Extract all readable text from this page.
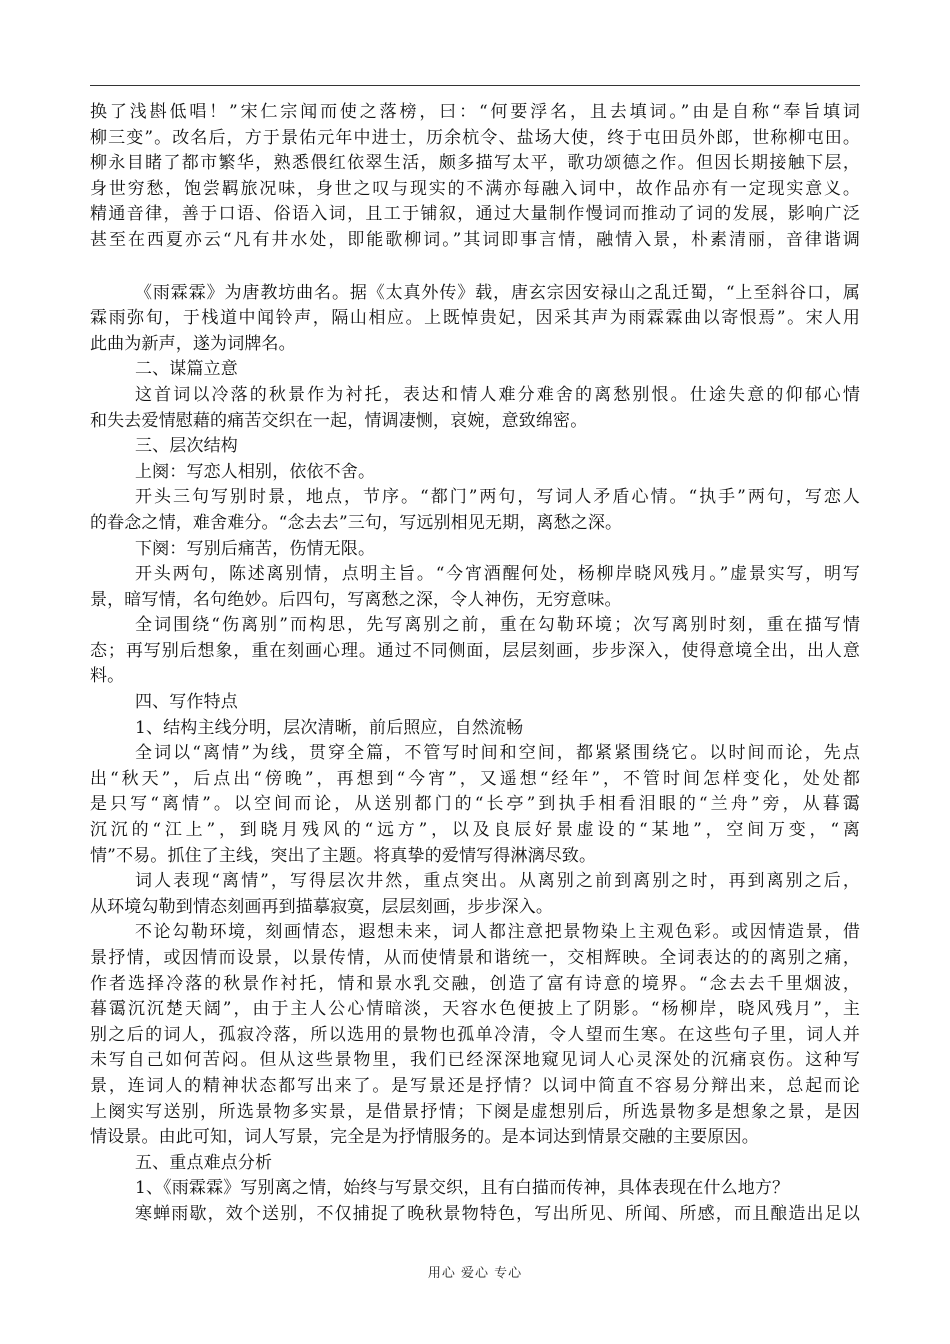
换了浅斟低唱！”宋仁宗闻而使之落榜，曰：“何要浮名，且去填词。”由是自称“奉旨填词
柳三变”。改名后，方于景佑元年中进士，历余杭令、盐场大使，终于屯田员外郎，世称柳屯田。
柳永目睹了都市繁华，熟悉偎红依翠生活，颇多描写太平，歌功颂德之作。但因长期接触下层，
身世穷愁，饱尝羁旅况味，身世之叹与现实的不满亦每融入词中，故作品亦有一定现实意义。
精通音律，善于口语、俗语入词，且工于铺叙，通过大量制作慢词而推动了词的发展，影响广泛
甚至在西夏亦云“凡有井水处，即能歌柳词。”其词即事言情，融情入景，朴素清丽，音律谐调
《雨霖霖》为唐教坊曲名。据《太真外传》载，唐玄宗因安禄山之乱迁蜀，“上至斜谷口，属
霖雨弥旬，于栈道中闻铃声，隔山相应。上既悼贵妃，因采其声为雨霖霖曲以寄恨焉”。宋人用
此曲为新声，遂为词牌名。
二、谋篇立意
这首词以冷落的秋景作为衬托，表达和情人难分难舍的离愁别恨。仕途失意的仰郁心情
和失去爱情慰藉的痛苦交织在一起，情调凄恻，哀婉，意致绵密。
三、层次结构
上阕：写恋人相别，依依不舍。
开头三句写别时景，地点，节序。“都门”两句，写词人矛盾心情。“执手”两句，写恋人
的眷念之情，难舍难分。“念去去”三句，写远别相见无期，离愁之深。
下阕：写别后痛苦，伤情无限。
开头两句，陈述离别情，点明主旨。“今宵酒醒何处，杨柳岸晓风残月。”虚景实写，明写
景，暗写情，名句绝妙。后四句，写离愁之深，令人神伤，无穷意味。
全词围绕“伤离别”而构思，先写离别之前，重在勾勒环境；次写离别时刻，重在描写情
态；再写别后想象，重在刻画心理。通过不同侧面，层层刻画，步步深入，使得意境全出，出人意
料。
四、写作特点
1、结构主线分明，层次清晰，前后照应，自然流畅
全词以“离情”为线，贯穿全篇，不管写时间和空间，都紧紧围绕它。以时间而论，先点
出“秋天”，后点出“傍晚”，再想到“今宵”，又遥想“经年”，不管时间怎样变化，处处都
是只写“离情”。以空间而论，从送别都门的“长亭”到执手相看泪眼的“兰舟”旁，从暮霭
沉沉的“江上”，到晓月残风的“远方”，以及良辰好景虚设的“某地”，空间万变，“离
情”不易。抓住了主线，突出了主题。将真挚的爱情写得淋漓尽致。
词人表现“离情”，写得层次井然，重点突出。从离别之前到离别之时，再到离别之后，
从环境勾勒到情态刻画再到描摹寂寞，层层刻画，步步深入。
不论勾勒环境，刻画情态，遐想未来，词人都注意把景物染上主观色彩。或因情造景，借
景抒情，或因情而设景，以景传情，从而使情景和谐统一，交相辉映。全词表达的的离别之痛，
作者选择冷落的秋景作衬托，情和景水乳交融，创造了富有诗意的境界。“念去去千里烟波，
暮霭沉沉楚天阔”，由于主人公心情暗淡，天容水色便披上了阴影。“杨柳岸，晓风残月”，主
别之后的词人，孤寂冷落，所以选用的景物也孤单冷清，令人望而生寒。在这些句子里，词人并
未写自己如何苦闷。但从这些景物里，我们已经深深地窥见词人心灵深处的沉痛哀伤。这种写
景，连词人的精神状态都写出来了。是写景还是抒情？以词中简直不容易分辩出来，总起而论
上阕实写送别，所选景物多实景，是借景抒情；下阕是虚想别后，所选景物多是想象之景，是因
情设景。由此可知，词人写景，完全是为抒情服务的。是本词达到情景交融的主要原因。
五、重点难点分析
1、《雨霖霖》写别离之情，始终与写景交织，且有白描而传神，具体表现在什么地方？
寒蝉雨歇，效个送别，不仅捕捉了晚秋景物特色，写出所见、所闻、所感，而且酿造出足以
用心 爱心 专心
